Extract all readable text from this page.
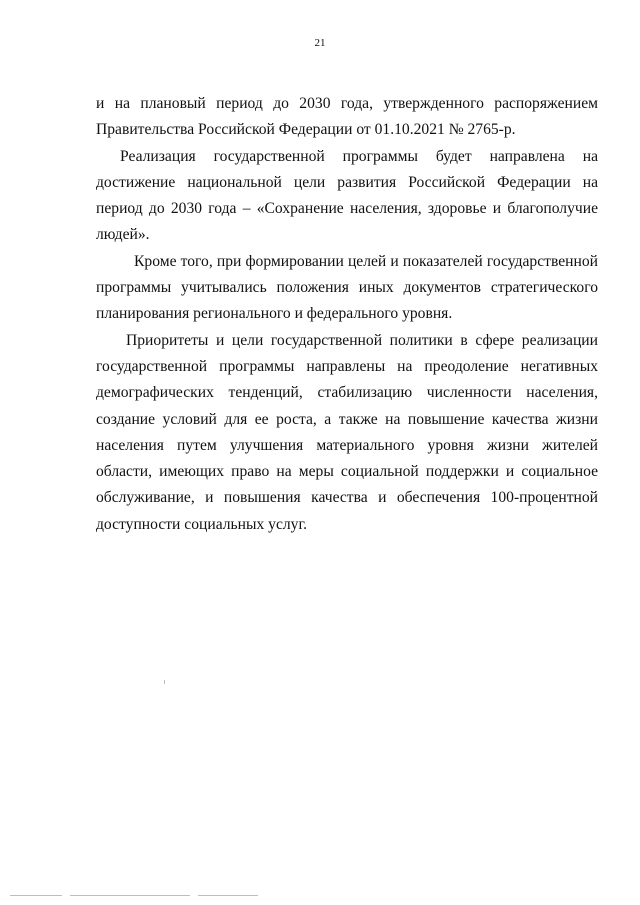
21

и на плановый период до 2030 года, утвержденного распоряжением Правительства Российской Федерации от 01.10.2021 № 2765-р.

Реализация государственной программы будет направлена на достижение национальной цели развития Российской Федерации на период до 2030 года – «Сохранение населения, здоровье и благополучие людей».

Кроме того, при формировании целей и показателей государственной программы учитывались положения иных документов стратегического планирования регионального и федерального уровня.

Приоритеты и цели государственной политики в сфере реализации государственной программы направлены на преодоление негативных демографических тенденций, стабилизацию численности населения, создание условий для ее роста, а также на повышение качества жизни населения путем улучшения материального уровня жизни жителей области, имеющих право на меры социальной поддержки и социальное обслуживание, и повышения качества и обеспечения 100-процентной доступности социальных услуг.
